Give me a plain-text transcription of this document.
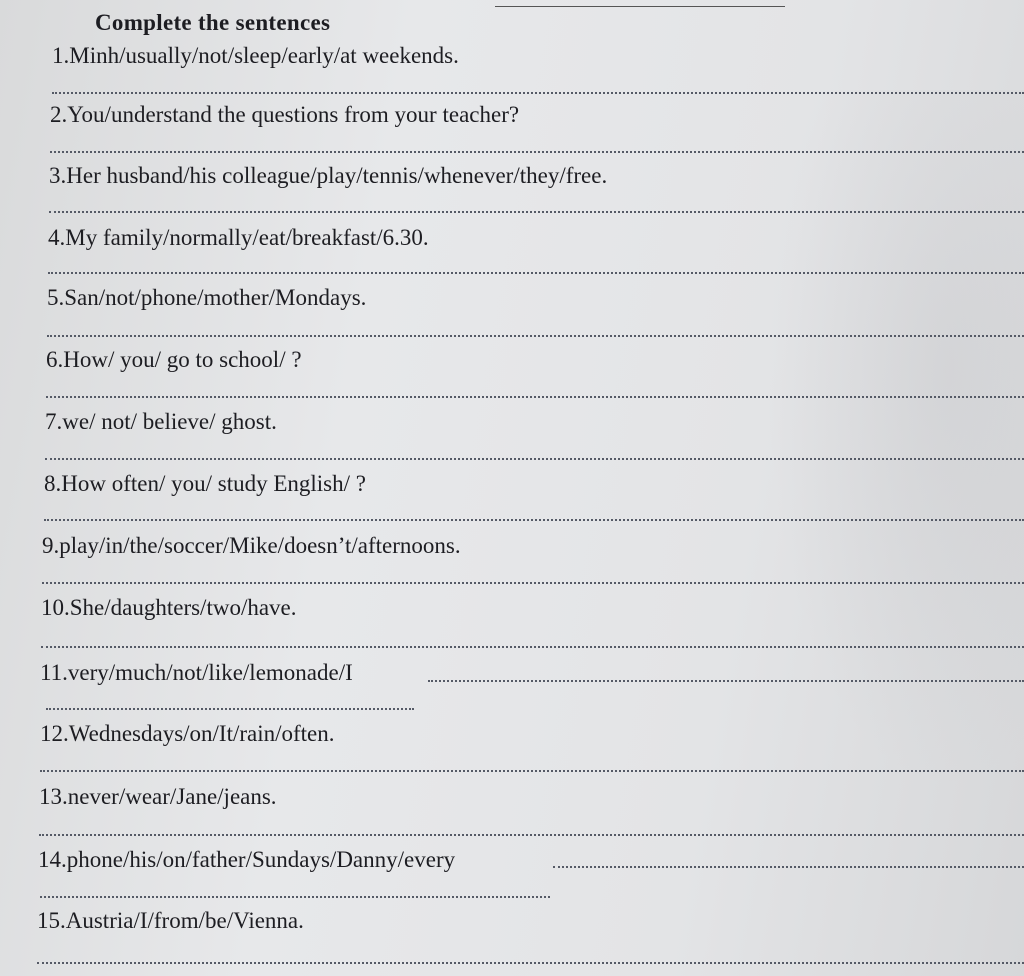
Complete the sentences
1.Minh/usually/not/sleep/early/at weekends.
2.You/understand the questions from your teacher?
3.Her husband/his colleague/play/tennis/whenever/they/free.
4.My family/normally/eat/breakfast/6.30.
5.San/not/phone/mother/Mondays.
6.How/ you/ go to school/ ?
7.we/ not/ believe/ ghost.
8.How often/ you/ study English/ ?
9.play/in/the/soccer/Mike/doesn’t/afternoons.
10.She/daughters/two/have.
11.very/much/not/like/lemonade/I
12.Wednesdays/on/It/rain/often.
13.never/wear/Jane/jeans.
14.phone/his/on/father/Sundays/Danny/every
15.Austria/I/from/be/Vienna.
